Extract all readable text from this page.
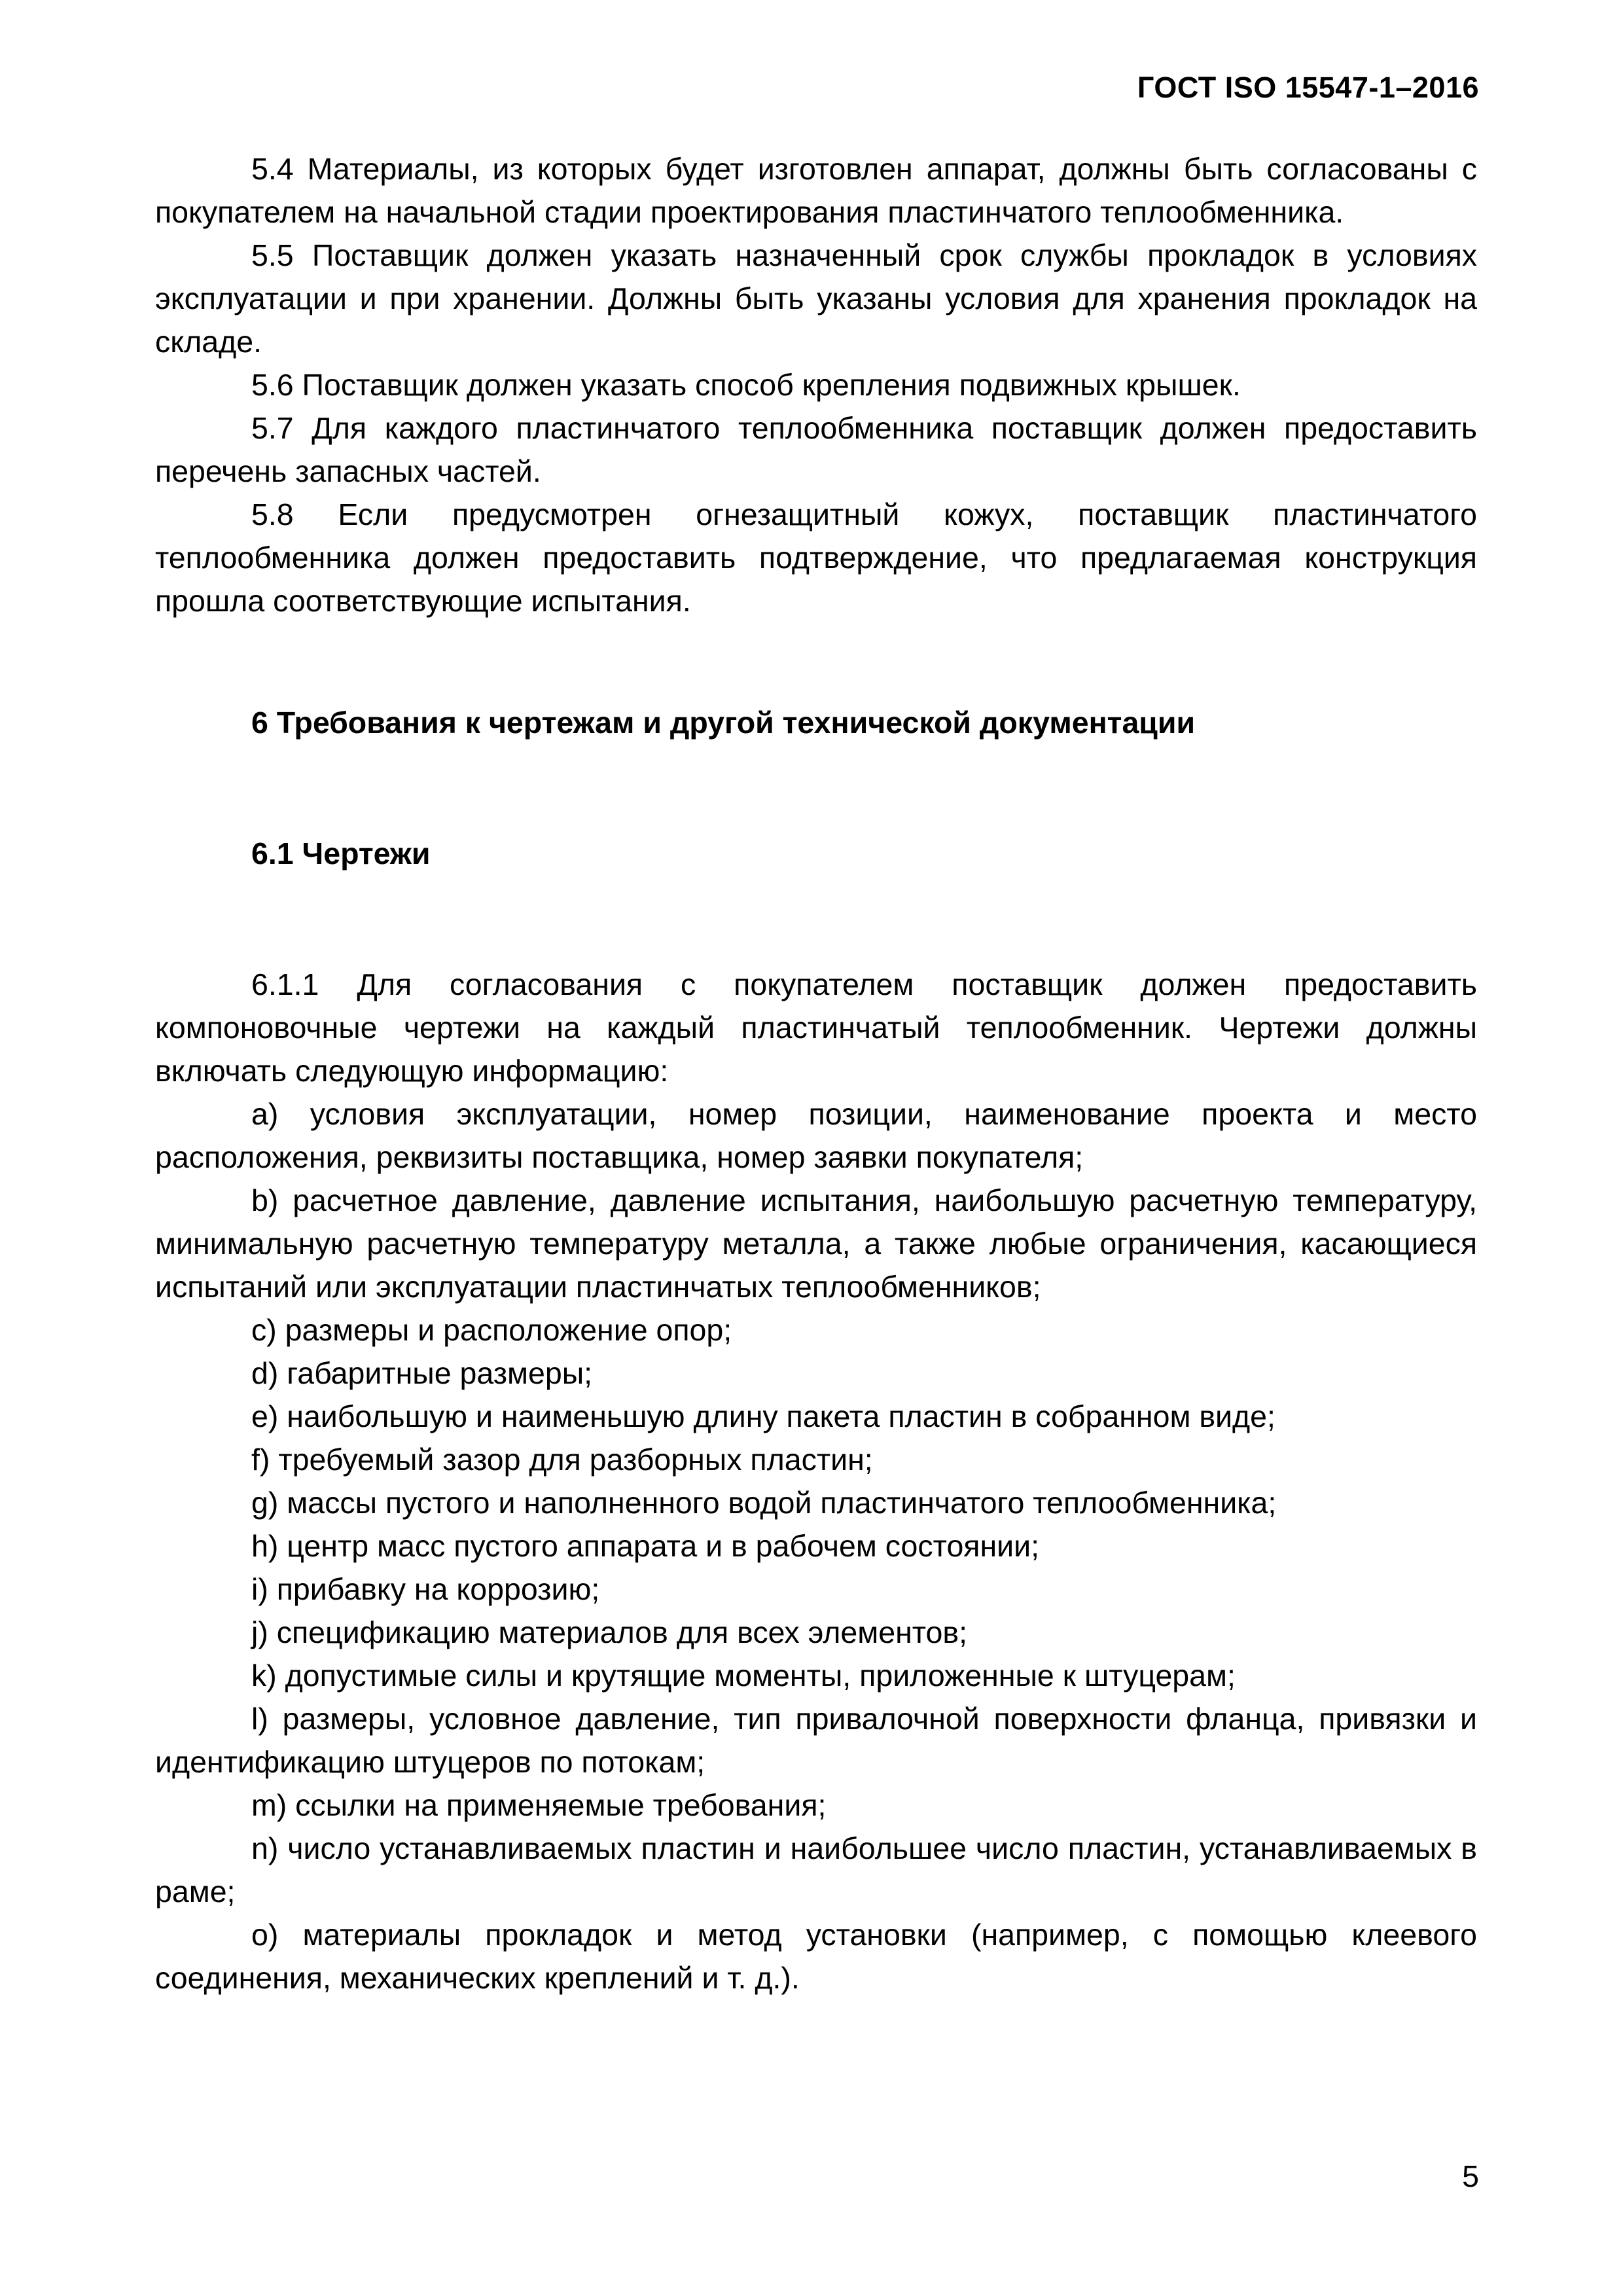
ГОСТ ISO 15547-1–2016

5.4 Материалы, из которых будет изготовлен аппарат, должны быть согласованы с покупателем на начальной стадии проектирования пластинчатого теплообменника.

5.5 Поставщик должен указать назначенный срок службы прокладок в условиях эксплуатации и при хранении. Должны быть указаны условия для хранения прокладок на складе.

5.6 Поставщик должен указать способ крепления подвижных крышек.

5.7 Для каждого пластинчатого теплообменника поставщик должен предоставить перечень запасных частей.

5.8 Если предусмотрен огнезащитный кожух, поставщик пластинчатого теплообменника должен предоставить подтверждение, что предлагаемая конструкция прошла соответствующие испытания.

6 Требования к чертежам и другой технической документации

6.1 Чертежи

6.1.1 Для согласования с покупателем поставщик должен предоставить компоновочные чертежи на каждый пластинчатый теплообменник. Чертежи должны включать следующую информацию:

а) условия эксплуатации, номер позиции, наименование проекта и место расположения, реквизиты поставщика, номер заявки покупателя;

b) расчетное давление, давление испытания, наибольшую расчетную температуру, минимальную расчетную температуру металла, а также любые ограничения, касающиеся испытаний или эксплуатации пластинчатых теплообменников;

c) размеры и расположение опор;

d) габаритные размеры;

e) наибольшую и наименьшую длину пакета пластин в собранном виде;

f) требуемый зазор для разборных пластин;

g) массы пустого и наполненного водой пластинчатого теплообменника;

h) центр масс пустого аппарата и в рабочем состоянии;

i) прибавку на коррозию;

j) спецификацию материалов для всех элементов;

k) допустимые силы и крутящие моменты, приложенные к штуцерам;

l) размеры, условное давление, тип привалочной поверхности фланца, привязки и идентификацию штуцеров по потокам;

m) ссылки на применяемые требования;

n) число устанавливаемых пластин и наибольшее число пластин, устанавливаемых в раме;

o) материалы прокладок и метод установки (например, с помощью клеевого соединения, механических креплений и т. д.).

5
